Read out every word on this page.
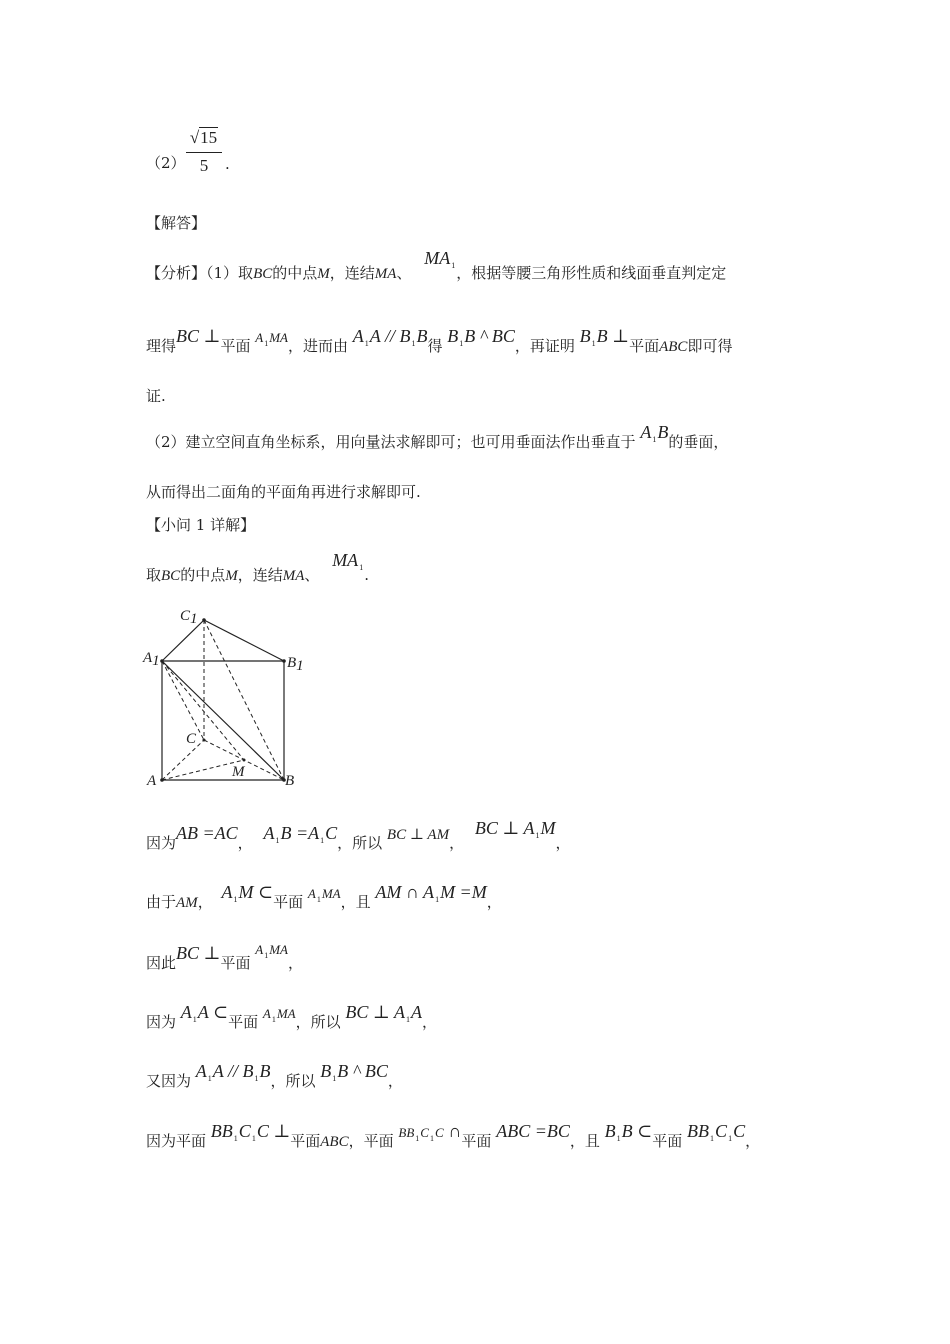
（2）
√15
5	.
【解答】
【分析】（1）取BC的中点M，连结MA、 $MA_1$，根据等腰三角形性质和线面垂直判定定
理得BC ⊥平面 $A_1MA$，进而由 $A_1A // B_1B$得 $B_1B$ ^ BC，再证明 $B_1B$ ⊥平面ABC即可得
证.
（2）建立空间直角坐标系，用向量法求解即可；也可用垂面法作出垂直于 $A_1B$的垂面，
从而得出二面角的平面角再进行求解即可.
【小问 1 详解】
取BC的中点M，连结MA、 $MA_1$.
C1
A1	B1
C
A	B
M
因为AB =AC， $A_1B =A_1C$，所以 BC ⊥ AM， BC ⊥ $A_1M$，
由于AM， $A_1M$ ⊂平面 $A_1MA$，且 AM ∩ $A_1M =M$，
因此BC ⊥平面 $A_1MA$，
因为 $A_1A$ ⊂平面 $A_1MA$，所以 BC ⊥ $A_1A$，
又因为 $A_1A // B_1B$，所以 $B_1B$ ^ BC，
因为平面 $BB_1C_1C$ ⊥平面ABC，平面 $BB_1C_1C$ ∩平面 ABC =BC，且 $B_1B$ ⊂平面 $BB_1C_1C$，
